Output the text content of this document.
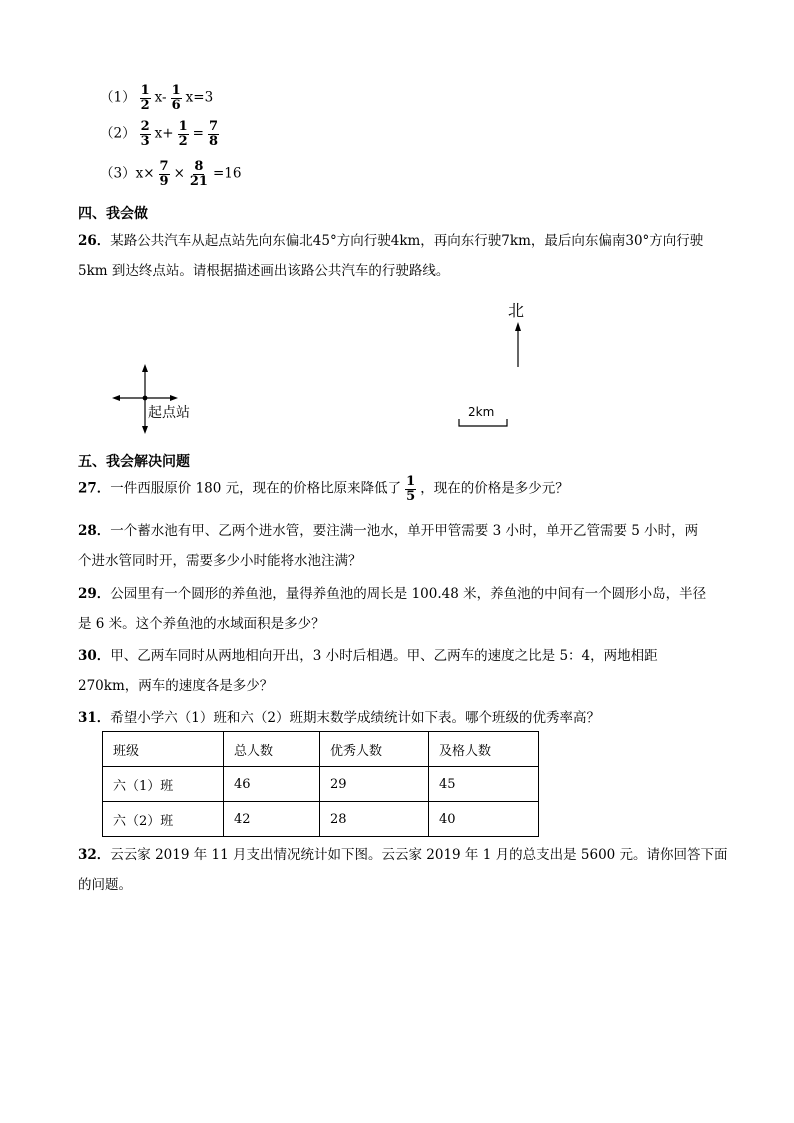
$(1) \frac{1}{2} x- \frac{1}{6} x=3$
$(2) \frac{2}{3} x+ \frac{1}{2} = \frac{7}{8}$
$(3)x\times \frac{7}{9} \times \frac{8}{21} =16$
四、我会做
26．某路公共汽车从起点站先向东偏北45°方向行驶4km，再向东行驶7km，最后向东偏南30°方向行驶
5km 到达终点站。请根据描述画出该路公共汽车的行驶路线。
北
起点站	2km
五、我会解决问题
27．一件西服原价 180 元，现在的价格比原来降低了 $\frac{1}{5}$ ，现在的价格是多少元？
28．一个蓄水池有甲、乙两个进水管，要注满一池水，单开甲管需要 3 小时，单开乙管需要 5 小时，两
个进水管同时开，需要多少小时能将水池注满？
29．公园里有一个圆形的养鱼池，量得养鱼池的周长是 100.48 米，养鱼池的中间有一个圆形小岛，半径
是 6 米。这个养鱼池的水域面积是多少？
30．甲、乙两车同时从两地相向开出，3 小时后相遇。甲、乙两车的速度之比是 5：4，两地相距
270km，两车的速度各是多少？
31．希望小学六（1）班和六（2）班期末数学成绩统计如下表。哪个班级的优秀率高？
班级	总人数	优秀人数	及格人数
六（1）班	46	29	45
六（2）班	42	28	40
32．云云家 2019 年 11 月支出情况统计如下图。云云家 2019 年 1 月的总支出是 5600 元。请你回答下面
的问题。
